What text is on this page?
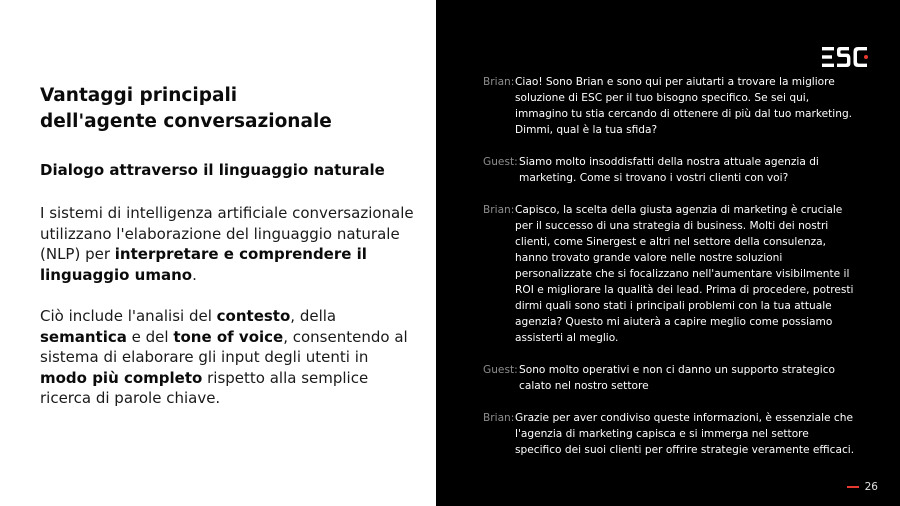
Vantaggi principali
dell'agente conversazionale
Dialogo attraverso il linguaggio naturale
I sistemi di intelligenza artificiale conversazionale utilizzano l'elaborazione del linguaggio naturale (NLP) per interpretare e comprendere il linguaggio umano.
Ciò include l'analisi del contesto, della semantica e del tone of voice, consentendo al sistema di elaborare gli input degli utenti in modo più completo rispetto alla semplice ricerca di parole chiave.
Brian: Ciao! Sono Brian e sono qui per aiutarti a trovare la migliore soluzione di ESC per il tuo bisogno specifico. Se sei qui, immagino tu stia cercando di ottenere di più dal tuo marketing. Dimmi, qual è la tua sfida?
Guest: Siamo molto insoddisfatti della nostra attuale agenzia di marketing. Come si trovano i vostri clienti con voi?
Brian: Capisco, la scelta della giusta agenzia di marketing è cruciale per il successo di una strategia di business. Molti dei nostri clienti, come Sinergest e altri nel settore della consulenza, hanno trovato grande valore nelle nostre soluzioni personalizzate che si focalizzano nell'aumentare visibilmente il ROI e migliorare la qualità dei lead. Prima di procedere, potresti dirmi quali sono stati i principali problemi con la tua attuale agenzia? Questo mi aiuterà a capire meglio come possiamo assisterti al meglio.
Guest: Sono molto operativi e non ci danno un supporto strategico calato nel nostro settore
Brian: Grazie per aver condiviso queste informazioni, è essenziale che l'agenzia di marketing capisca e si immerga nel settore specifico dei suoi clienti per offrire strategie veramente efficaci.
26
